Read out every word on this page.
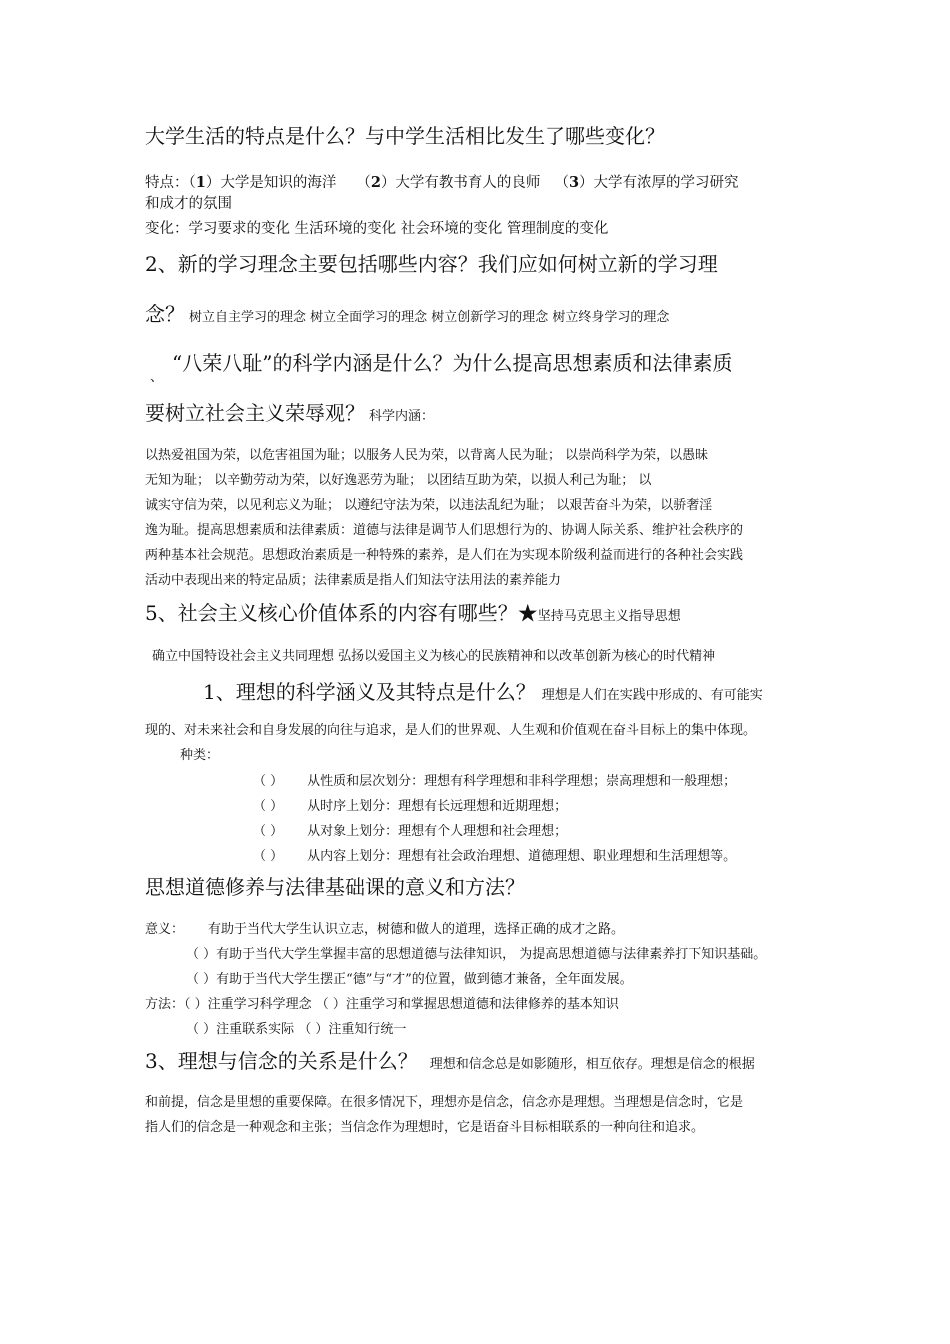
大学生活的特点是什么？与中学生活相比发生了哪些变化？
特点：（1）大学是知识的海洋 （2）大学有教书育人的良师 （3）大学有浓厚的学习研究
和成才的氛围
变化：学习要求的变化 生活环境的变化 社会环境的变化 管理制度的变化
2、新的学习理念主要包括哪些内容？我们应如何树立新的学习理
念？ 树立自主学习的理念 树立全面学习的理念 树立创新学习的理念 树立终身学习的理念
、
“八荣八耻”的科学内涵是什么？为什么提高思想素质和法律素质
要树立社会主义荣辱观？ 科学内涵：
以热爱祖国为荣，以危害祖国为耻；以服务人民为荣，以背离人民为耻； 以崇尚科学为荣，以愚昧
无知为耻； 以辛勤劳动为荣，以好逸恶劳为耻； 以团结互助为荣，以损人利己为耻； 以
诚实守信为荣，以见利忘义为耻； 以遵纪守法为荣，以违法乱纪为耻； 以艰苦奋斗为荣，以骄奢淫
逸为耻。提高思想素质和法律素质：道德与法律是调节人们思想行为的、协调人际关系、维护社会秩序的
两种基本社会规范。思想政治素质是一种特殊的素养，是人们在为实现本阶级利益而进行的各种社会实践
活动中表现出来的特定品质；法律素质是指人们知法守法用法的素养能力
5、社会主义核心价值体系的内容有哪些？★坚持马克思主义指导思想
确立中国特设社会主义共同理想 弘扬以爱国主义为核心的民族精神和以改革创新为核心的时代精神
1、理想的科学涵义及其特点是什么？ 理想是人们在实践中形成的、有可能实
现的、对未来社会和自身发展的向往与追求，是人们的世界观、人生观和价值观在奋斗目标上的集中体现。
种类：
（ ） 从性质和层次划分：理想有科学理想和非科学理想；崇高理想和一般理想；
（ ） 从时序上划分：理想有长远理想和近期理想；
（ ） 从对象上划分：理想有个人理想和社会理想；
（ ） 从内容上划分：理想有社会政治理想、道德理想、职业理想和生活理想等。
思想道德修养与法律基础课的意义和方法？
意义： 有助于当代大学生认识立志，树德和做人的道理，选择正确的成才之路。
（ ）有助于当代大学生掌握丰富的思想道德与法律知识， 为提高思想道德与法律素养打下知识基础。
（ ）有助于当代大学生摆正“德”与“才”的位置，做到德才兼备，全年面发展。
方法：（ ）注重学习科学理念 （ ）注重学习和掌握思想道德和法律修养的基本知识
（ ）注重联系实际 （ ）注重知行统一
3、理想与信念的关系是什么？ 理想和信念总是如影随形，相互依存。理想是信念的根据
和前提，信念是里想的重要保障。在很多情况下，理想亦是信念，信念亦是理想。当理想是信念时，它是
指人们的信念是一种观念和主张；当信念作为理想时，它是语奋斗目标相联系的一种向往和追求。
